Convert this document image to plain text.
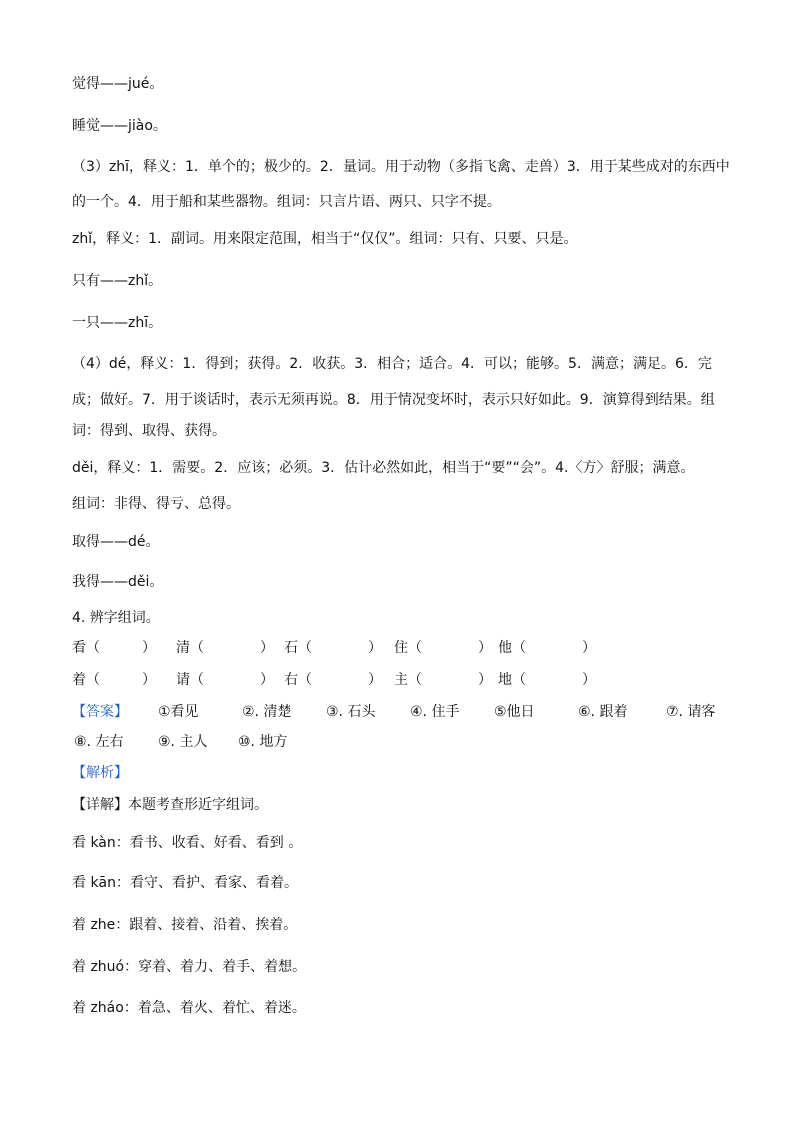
觉得——jué。
睡觉——jiào。
（3）zhī，释义：1．单个的；极少的。2．量词。用于动物（多指飞禽、走兽）3．用于某些成对的东西中
的一个。4．用于船和某些器物。组词：只言片语、两只、只字不提。
zhǐ，释义：1．副词。用来限定范围，相当于“仅仅”。组词：只有、只要、只是。
只有——zhǐ。
一只——zhī。
（4）dé，释义：1．得到；获得。2．收获。3．相合；适合。4．可以；能够。5．满意；满足。6．完
成；做好。7．用于谈话时，表示无须再说。8．用于情况变坏时，表示只好如此。9．演算得到结果。组
词：得到、取得、获得。
děi，释义：1．需要。2．应该；必须。3．估计必然如此，相当于“要”“会”。4.〈方〉舒服；满意。
组词：非得、得亏、总得。
取得——dé。
我得——děi。
4. 辨字组词。
看（　　　） 清（　　　　） 石（　　　　） 住（　　　　） 他（　　　　）
着（　　　） 请（　　　　） 右（　　　　） 主（　　　　） 地（　　　　）
【答案】 ①看见	②. 清楚 ③. 石头 ④. 住手 ⑤他日	⑥. 跟着	⑦. 请客
⑧. 左右 ⑨. 主人 ⑩. 地方
【解析】
【详解】本题考查形近字组词。
看 kàn：看书、收看、好看、看到 。
看 kān：看守、看护、看家、看着。
着 zhe：跟着、接着、沿着、挨着。
着 zhuó：穿着、着力、着手、着想。
着 zháo：着急、着火、着忙、着迷。
